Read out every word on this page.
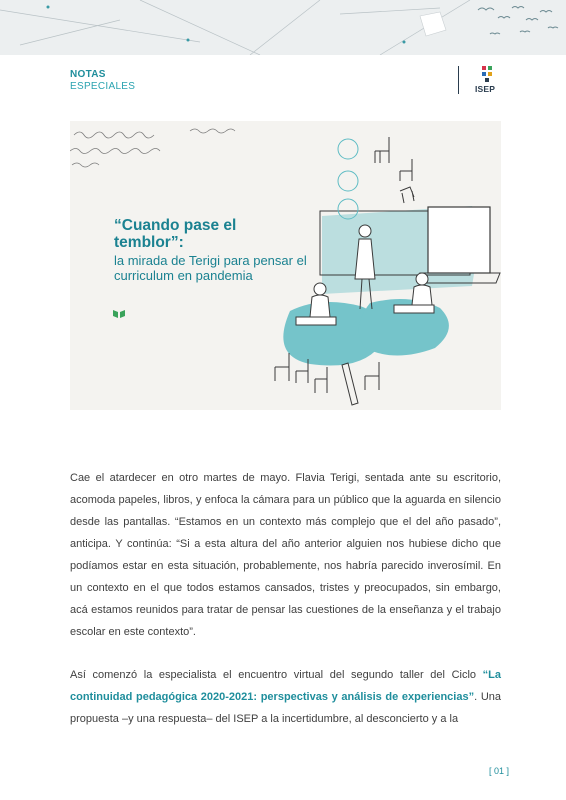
NOTAS
ESPECIALES	ISEP
“Cuando pase el temblor”:
la mirada de Terigi para pensar el curriculum en pandemia
Cae el atardecer en otro martes de mayo. Flavia Terigi, sentada ante su escritorio, acomoda papeles, libros, y enfoca la cámara para un público que la aguarda en silencio desde las pantallas. “Estamos en un contexto más complejo que el del año pasado”, anticipa. Y continúa: “Si a esta altura del año anterior alguien nos hubiese dicho que podíamos estar en esta situación, probablemente, nos habría parecido inverosímil. En un contexto en el que todos estamos cansados, tristes y preocupados, sin embargo, acá estamos reunidos para tratar de pensar las cuestiones de la enseñanza y el trabajo escolar en este contexto”.
Así comenzó la especialista el encuentro virtual del segundo taller del Ciclo “La continuidad pedagógica 2020-2021: perspectivas y análisis de experiencias”. Una propuesta –y una respuesta– del ISEP a la incertidumbre, al desconcierto y a la
[ 01 ]
